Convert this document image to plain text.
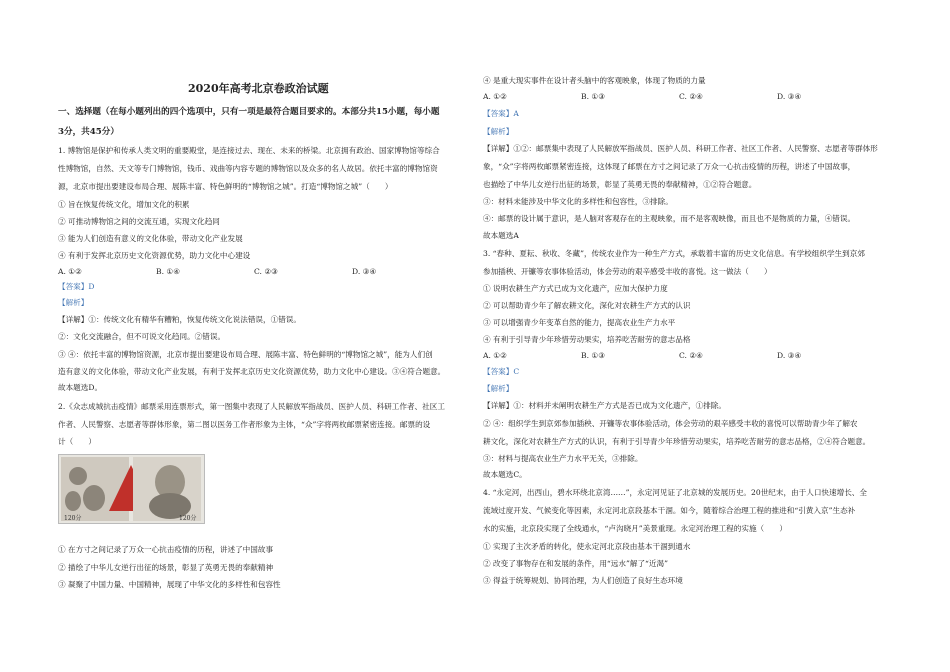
2020年高考北京卷政治试题
一、选择题（在每小题列出的四个选项中，只有一项是最符合题目要求的。本部分共15小题，每小题
3分，共45分）
1. 博物馆是保护和传承人类文明的重要殿堂，是连接过去、现在、未来的桥梁。北京拥有政治、国家博物馆等综合
性博物馆，自然、天文等专门博物馆，钱币、戏曲等内容专题的博物馆以及众多的名人故居。依托丰富的博物馆资
源，北京市提出要建设布局合理、展陈丰富、特色鲜明的“博物馆之城”。打造“博物馆之城”（　　）
① 旨在恢复传统文化，增加文化的积累
② 可推动博物馆之间的交流互通，实现文化趋同
③ 能为人们创造有意义的文化体验，带动文化产业发展
④ 有利于发挥北京历史文化资源优势，助力文化中心建设
A. ①②	B. ①④	C. ②③	D. ③④
【答案】D
【解析】
【详解】①：传统文化有精华有糟粕，恢复传统文化说法错误，①错误。
②：文化交流融合，但不可说文化趋同。②错误。
③ ④：依托丰富的博物馆资源，北京市提出要建设布局合理、展陈丰富、特色鲜明的“博物馆之城”，能为人们创
造有意义的文化体验，带动文化产业发展，有利于发挥北京历史文化资源优势，助力文化中心建设。③④符合题意。
故本题选D。
2.《众志成城抗击疫情》邮票采用连票形式，第一图集中表现了人民解放军指战员、医护人员、科研工作者、社区工
作者、人民警察、志愿者等群体形象，第二图以医务工作者形象为主体，“众”字将两枚邮票紧密连接。邮票的设
计（　　）
120分	120分
① 在方寸之间记录了万众一心抗击疫情的历程，讲述了中国故事
② 描绘了中华儿女逆行出征的场景，彰显了英勇无畏的奉献精神
③ 凝聚了中国力量、中国精神，展现了中华文化的多样性和包容性
④ 是重大现实事件在设计者头脑中的客观映象，体现了物质的力量
A. ①②	B. ①③	C. ②④	D. ③④
【答案】A
【解析】
【详解】①②：邮票集中表现了人民解放军指战员、医护人员、科研工作者、社区工作者、人民警察、志愿者等群体形
象，“众”字将两枚邮票紧密连接，这体现了邮票在方寸之间记录了万众一心抗击疫情的历程，讲述了中国故事，
也描绘了中华儿女逆行出征的场景，彰显了英勇无畏的奉献精神，①②符合题意。
③：材料未能涉及中华文化的多样性和包容性，③排除。
④：邮票的设计属于意识，是人脑对客观存在的主观映象，而不是客观映像，而且也不是物质的力量，④错误。
故本题选A
3. “春种、夏耘、秋收、冬藏”，传统农业作为一种生产方式，承载着丰富的历史文化信息。有学校组织学生到京郊
参加插秧、开镰等农事体验活动，体会劳动的艰辛感受丰收的喜悦。这一做法（　　）
① 说明农耕生产方式已成为文化遗产，应加大保护力度
② 可以帮助青少年了解农耕文化，深化对农耕生产方式的认识
③ 可以增强青少年变革自然的能力，提高农业生产力水平
④ 有利于引导青少年珍惜劳动果实，培养吃苦耐劳的意志品格
A. ①②	B. ①③	C. ②④	D. ③④
【答案】C
【解析】
【详解】①：材料并未阐明农耕生产方式是否已成为文化遗产，①排除。
② ④：组织学生到京郊参加插秧、开镰等农事体验活动，体会劳动的艰辛感受丰收的喜悦可以帮助青少年了解农
耕文化，深化对农耕生产方式的认识，有利于引导青少年珍惜劳动果实，培养吃苦耐劳的意志品格，②④符合题意。
③：材料与提高农业生产力水平无关，③排除。
故本题选C。
4. “永定河，出西山，碧水环绕北京湾……”，永定河见证了北京城的发展历史。20世纪末，由于人口快速增长、全
流域过度开发、气候变化等因素，永定河北京段基本干涸。如今，随着综合治理工程的推进和“引黄入京”生态补
水的实施，北京段实现了全线通水，“卢沟晓月”美景重现。永定河治理工程的实施（　　）
① 实现了主次矛盾的转化，使永定河北京段由基本干涸到通水
② 改变了事物存在和发展的条件，用“远水”解了“近渴”
③ 得益于统筹规划、协同治理，为人们创造了良好生态环境
